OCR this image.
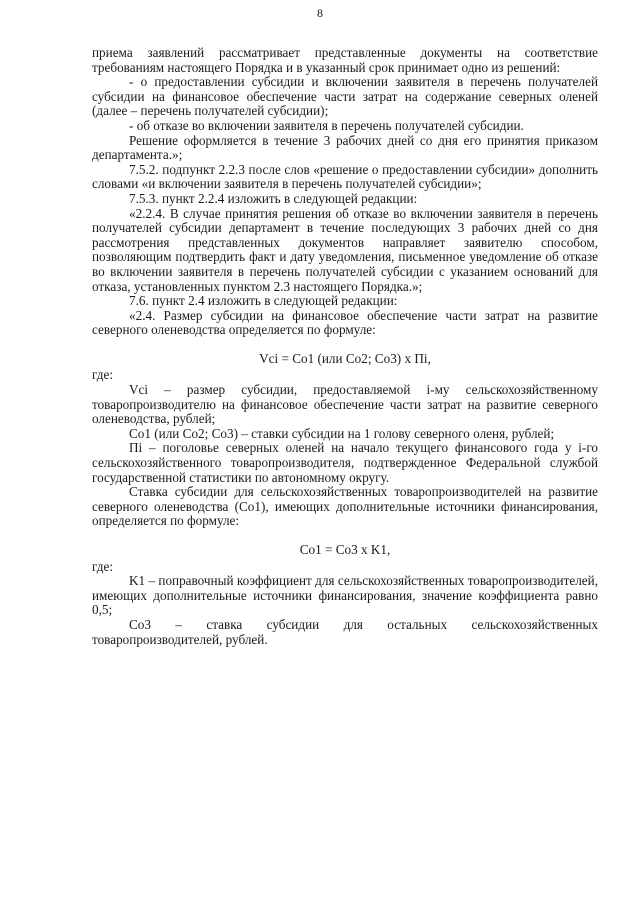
8

приема заявлений рассматривает представленные документы на соответствие требованиям настоящего Порядка и в указанный срок принимает одно из решений:

- о предоставлении субсидии и включении заявителя в перечень получателей субсидии на финансовое обеспечение части затрат на содержание северных оленей (далее – перечень получателей субсидии);

- об отказе во включении заявителя в перечень получателей субсидии.

Решение оформляется в течение 3 рабочих дней со дня его принятия приказом департамента.»;

7.5.2. подпункт 2.2.3 после слов «решение о предоставлении субсидии» дополнить словами «и включении заявителя в перечень получателей субсидии»;

7.5.3. пункт 2.2.4 изложить в следующей редакции:

«2.2.4. В случае принятия решения об отказе во включении заявителя в перечень получателей субсидии департамент в течение последующих 3 рабочих дней со дня рассмотрения представленных документов направляет заявителю способом, позволяющим подтвердить факт и дату уведомления, письменное уведомление об отказе во включении заявителя в перечень получателей субсидии с указанием оснований для отказа, установленных пунктом 2.3 настоящего Порядка.»;

7.6. пункт 2.4 изложить в следующей редакции:

«2.4. Размер субсидии на финансовое обеспечение части затрат на развитие северного оленеводства определяется по формуле:

Vci = Co1 (или Co2; Co3) x Пi,

где:

Vci – размер субсидии, предоставляемой i-му сельскохозяйственному товаропроизводителю на финансовое обеспечение части затрат на развитие северного оленеводства, рублей;

Co1 (или Co2; Co3) – ставки субсидии на 1 голову северного оленя, рублей;

Пi – поголовье северных оленей на начало текущего финансового года у i-го сельскохозяйственного товаропроизводителя, подтвержденное Федеральной службой государственной статистики по автономному округу.

Ставка субсидии для сельскохозяйственных товаропроизводителей на развитие северного оленеводства (Co1), имеющих дополнительные источники финансирования, определяется по формуле:

Co1 = Co3 x K1,

где:

K1 – поправочный коэффициент для сельскохозяйственных товаропроизводителей, имеющих дополнительные источники финансирования, значение коэффициента равно 0,5;

Co3 – ставка субсидии для остальных сельскохозяйственных товаропроизводителей, рублей.
